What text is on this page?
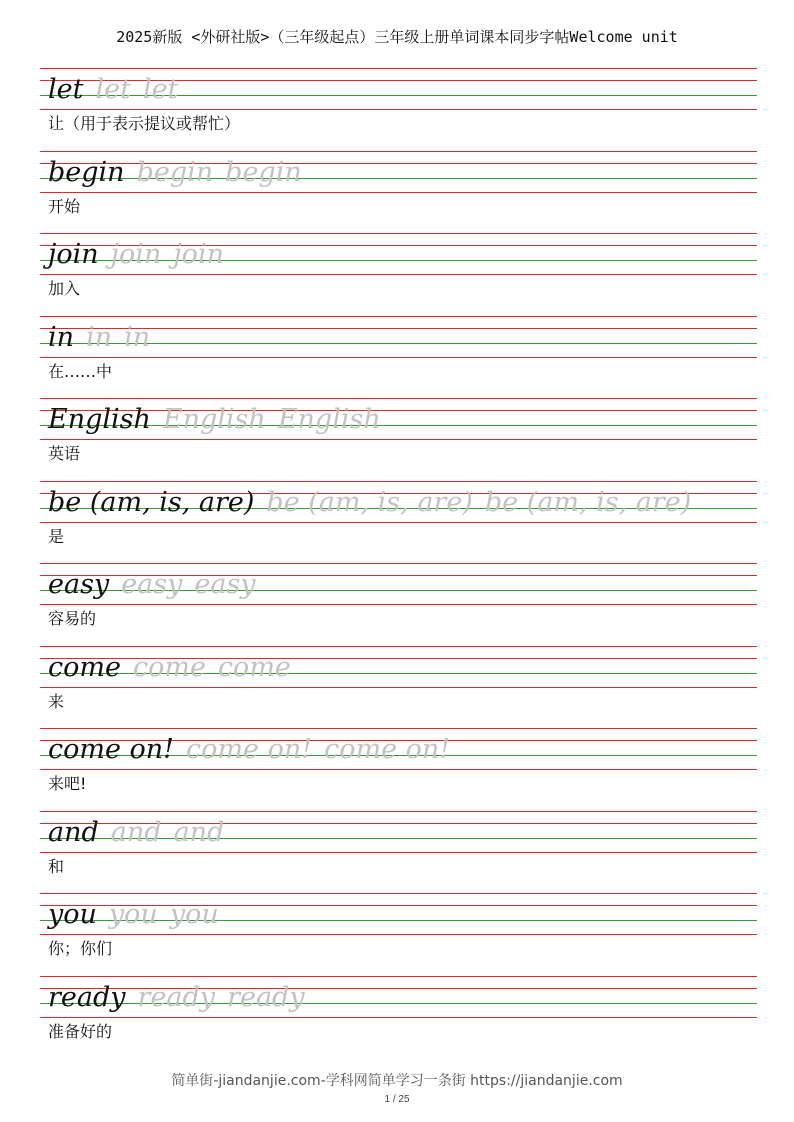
2025新版 <外研社版>（三年级起点）三年级上册单词课本同步字帖Welcome unit
let let let
让（用于表示提议或帮忙）
begin begin begin
开始
join join join
加入
in in in
在……中
English English English
英语
be (am, is, are) be (am, is, are) be (am, is, are)
是
easy easy easy
容易的
come come come
来
come on! come on! come on!
来吧!
and and and
和
you you you
你；你们
ready ready ready
准备好的
简单街-jiandanjie.com-学科网简单学习一条街 https://jiandanjie.com
1 / 25
